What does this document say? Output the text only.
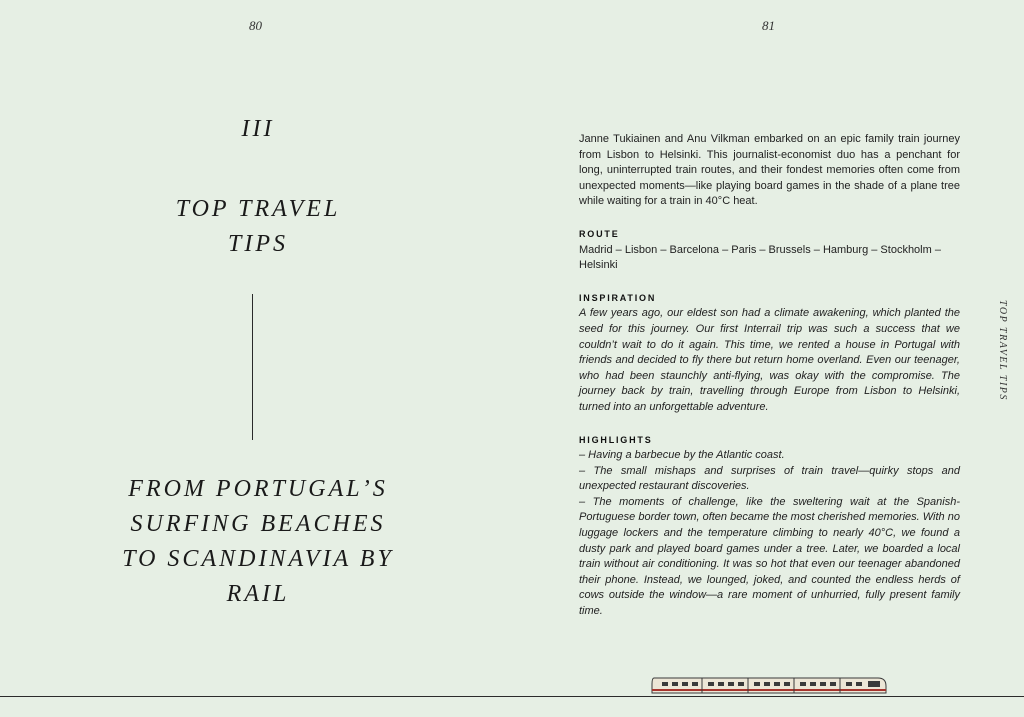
80
III
TOP TRAVEL TIPS
FROM PORTUGAL’S SURFING BEACHES TO SCANDINAVIA BY RAIL
81

Janne Tukiainen and Anu Vilkman embarked on an epic family train journey from Lisbon to Helsinki. This journalist-economist duo has a penchant for long, uninterrupted train routes, and their fondest memories often come from unexpected moments—like playing board games in the shade of a plane tree while waiting for a train in 40°C heat.

ROUTE

Madrid – Lisbon – Barcelona – Paris – Brussels – Hamburg – Stockholm – Helsinki

INSPIRATION

A few years ago, our eldest son had a climate awakening, which planted the seed for this journey. Our first Interrail trip was such a success that we couldn’t wait to do it again. This time, we rented a house in Portugal with friends and decided to fly there but return home overland. Even our teenager, who had been staunchly anti-flying, was okay with the compromise. The journey back by train, travelling through Europe from Lisbon to Helsinki, turned into an unforgettable adventure.

HIGHLIGHTS

– Having a barbecue by the Atlantic coast.

– The small mishaps and surprises of train travel—quirky stops and unexpected restaurant discoveries.

– The moments of challenge, like the sweltering wait at the Spanish-Portuguese border town, often became the most cherished memories. With no luggage lockers and the temperature climbing to nearly 40°C, we found a dusty park and played board games under a tree. Later, we boarded a local train without air conditioning. It was so hot that even our teenager abandoned their phone. Instead, we lounged, joked, and counted the endless herds of cows outside the window—a rare moment of unhurried, fully present family time.

TOP TRAVEL TIPS
